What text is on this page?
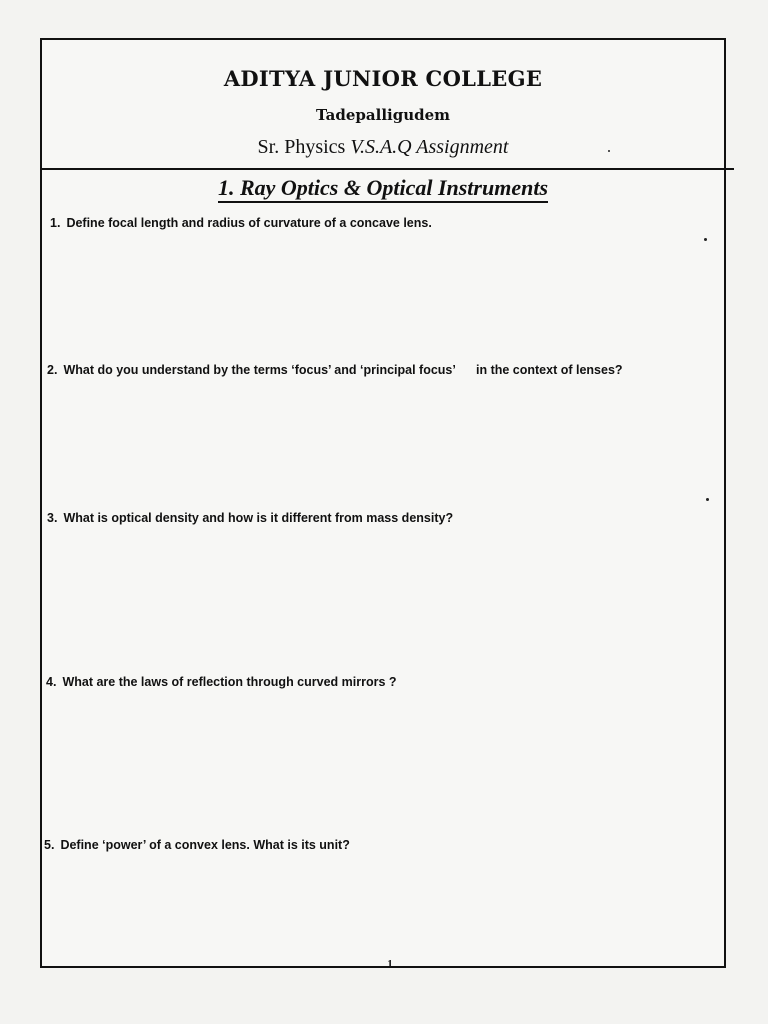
ADITYA JUNIOR COLLEGE
Tadepalligudem
Sr. Physics V.S.A.Q Assignment
1. Ray Optics & Optical Instruments
1. Define focal length and radius of curvature of a concave lens.
2. What do you understand by the terms ‘focus’ and ‘principal focus’      in the context of lenses?
3. What is optical density and how is it different from mass density?
4. What are the laws of reflection through curved mirrors ?
5. Define ‘power’ of a convex lens. What is its unit?
1
